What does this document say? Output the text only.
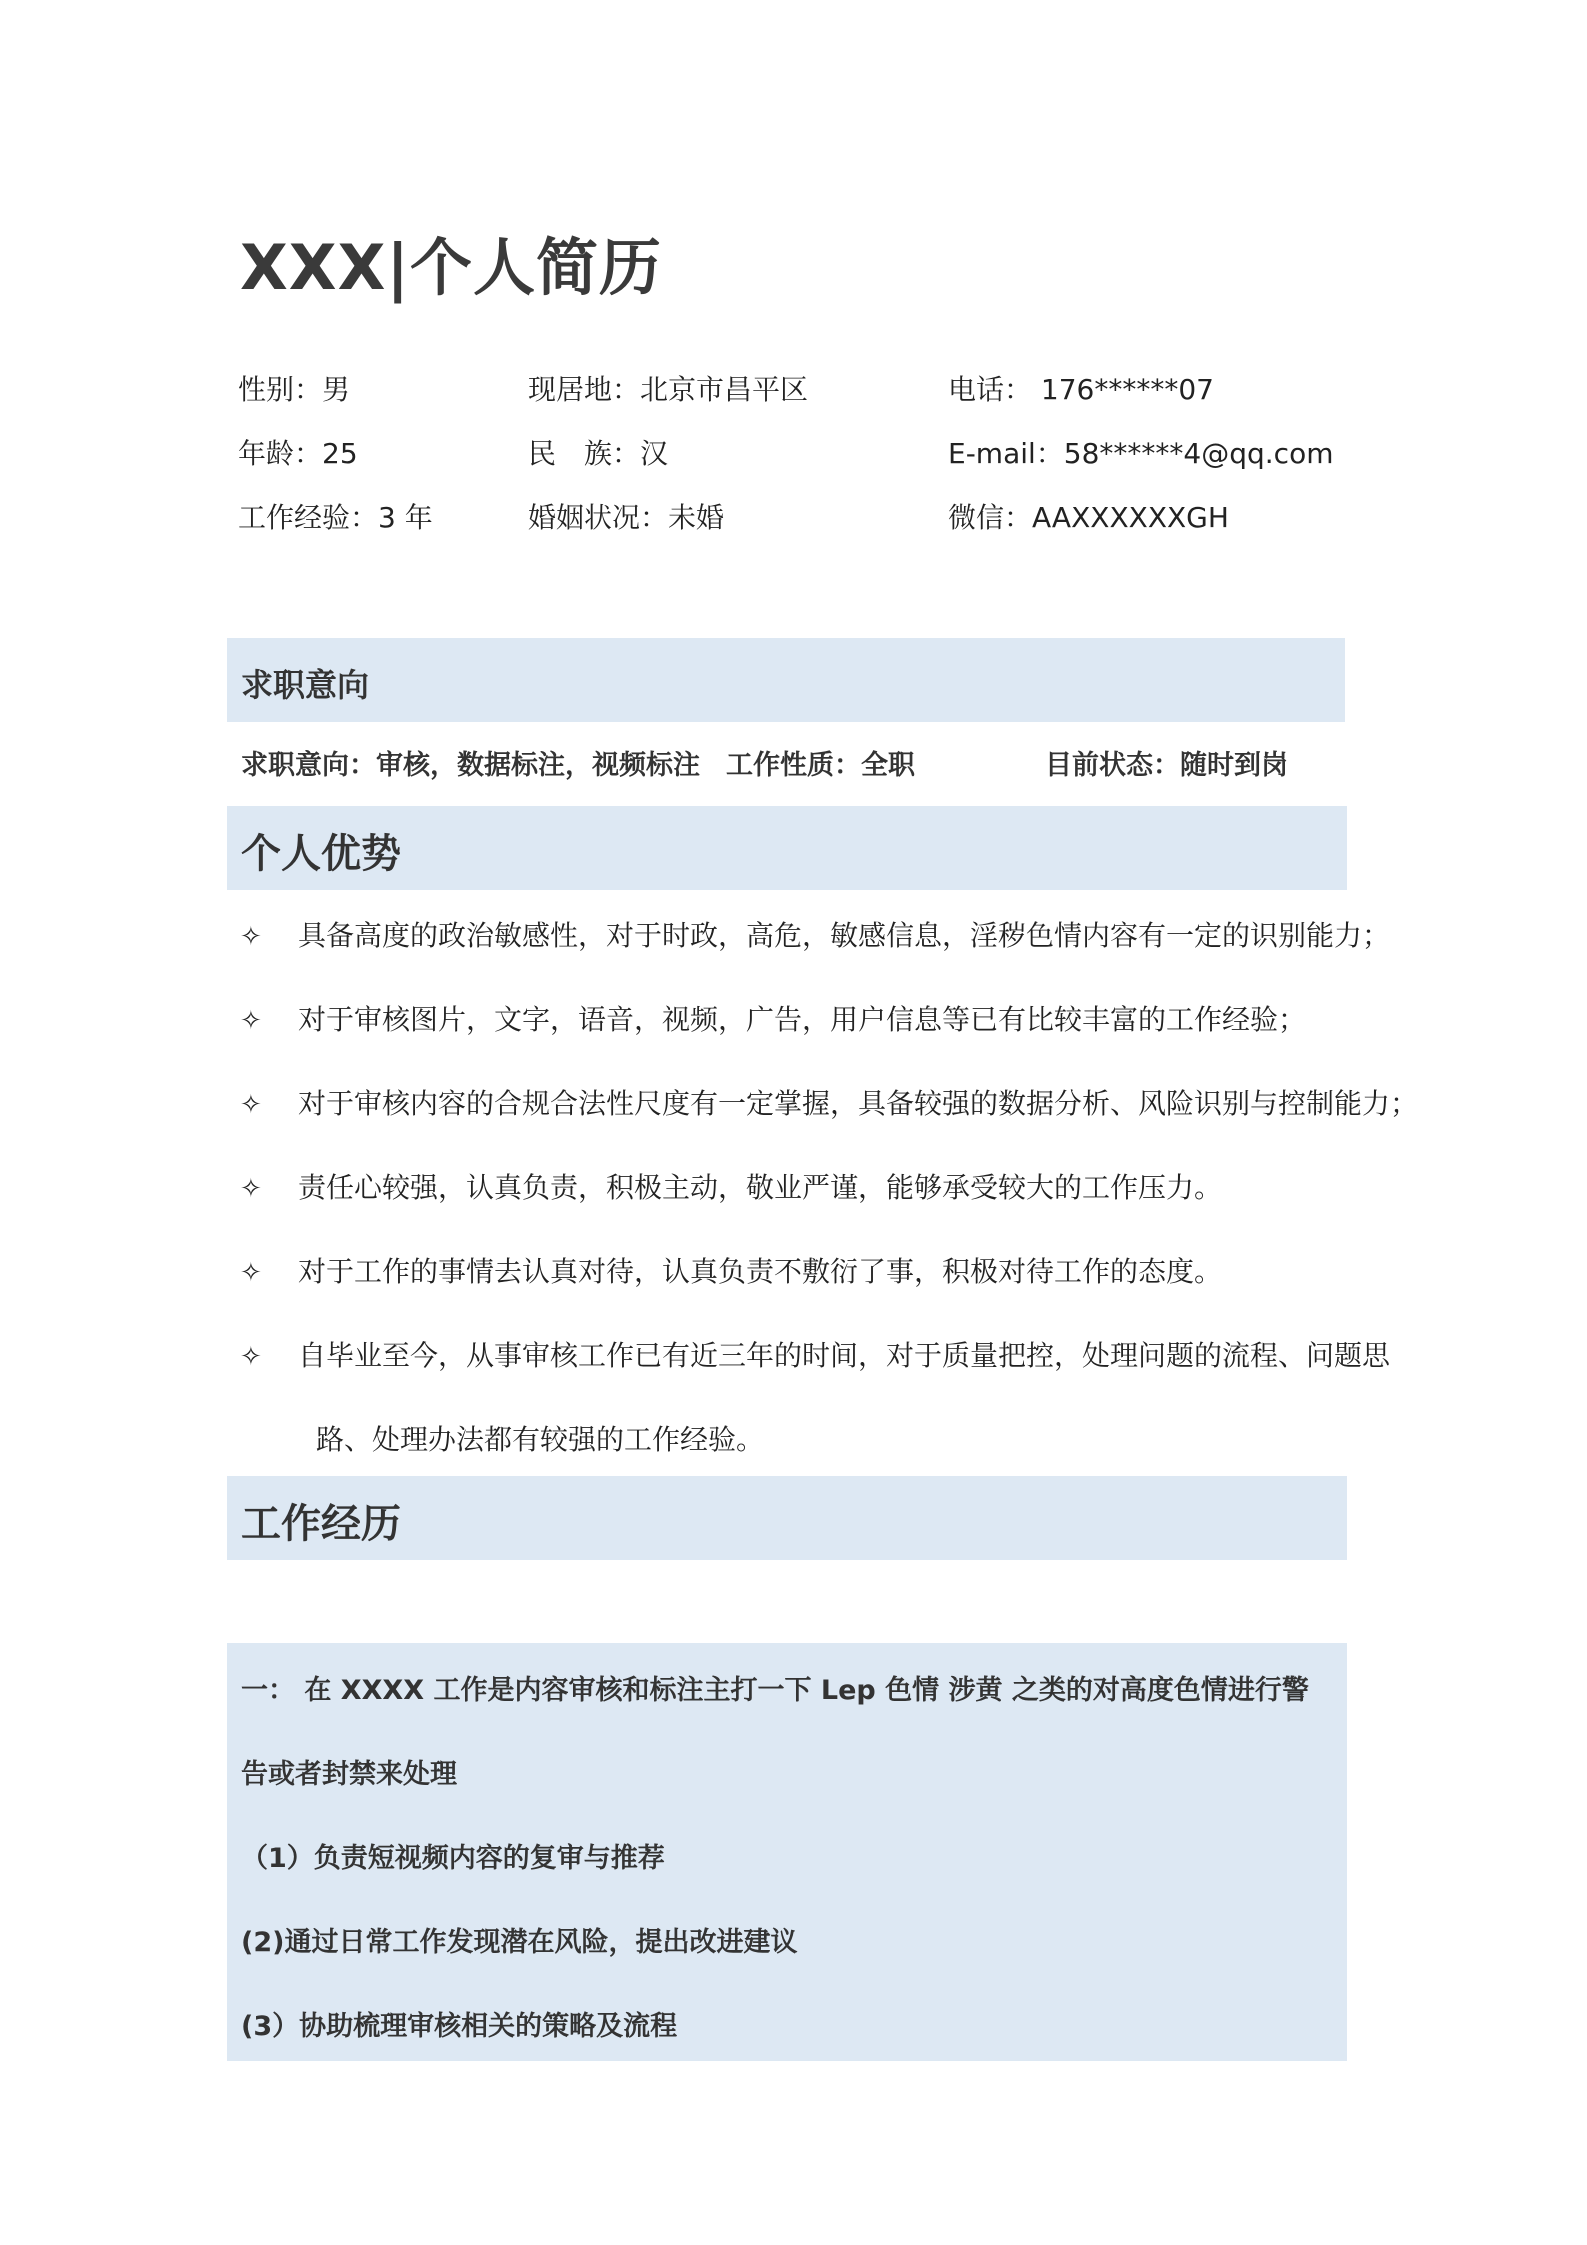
XXX|个人简历
性别：男
年龄：25
工作经验：3 年
现居地：北京市昌平区
民　族：汉
婚姻状况：未婚
电话： 176******07
E-mail：58******4@qq.com
微信：AAXXXXXXGH
求职意向
求职意向：审核，数据标注，视频标注 工作性质：全职	目前状态：随时到岗
个人优势
✧ 具备高度的政治敏感性，对于时政，高危，敏感信息，淫秽色情内容有一定的识别能力；
✧ 对于审核图片，文字，语音，视频，广告，用户信息等已有比较丰富的工作经验；
✧ 对于审核内容的合规合法性尺度有一定掌握，具备较强的数据分析、风险识别与控制能力；
✧ 责任心较强，认真负责，积极主动，敬业严谨，能够承受较大的工作压力。
✧ 对于工作的事情去认真对待，认真负责不敷衍了事，积极对待工作的态度。
✧ 自毕业至今，从事审核工作已有近三年的时间，对于质量把控，处理问题的流程、问题思
路、处理办法都有较强的工作经验。
工作经历
一： 在 XXXX 工作是内容审核和标注主打一下 Lep 色情 涉黄 之类的对高度色情进行警
告或者封禁来处理
（1）负责短视频内容的复审与推荐
(2)通过日常工作发现潜在风险，提出改进建议
(3）协助梳理审核相关的策略及流程
